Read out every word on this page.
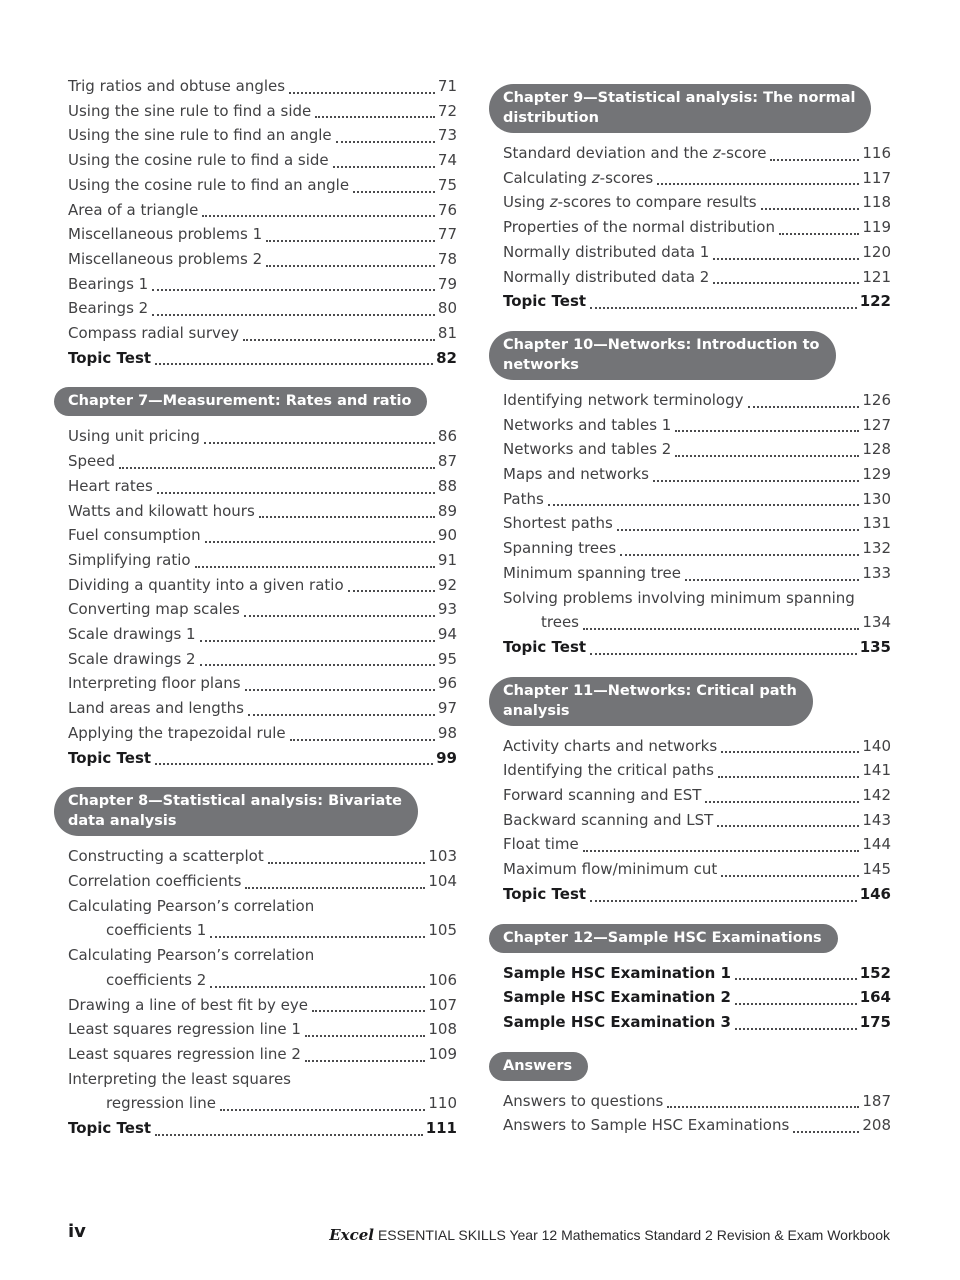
Trig ratios and obtuse angles	71
Using the sine rule to find a side	72
Using the sine rule to find an angle	73
Using the cosine rule to find a side	74
Using the cosine rule to find an angle	75
Area of a triangle	76
Miscellaneous problems 1	77
Miscellaneous problems 2	78
Bearings 1	79
Bearings 2	80
Compass radial survey	81
Topic Test	82
Chapter 7—Measurement: Rates and ratio
Using unit pricing	86
Speed	87
Heart rates	88
Watts and kilowatt hours	89
Fuel consumption	90
Simplifying ratio	91
Dividing a quantity into a given ratio	92
Converting map scales	93
Scale drawings 1	94
Scale drawings 2	95
Interpreting floor plans	96
Land areas and lengths	97
Applying the trapezoidal rule	98
Topic Test	99
Chapter 8—Statistical analysis: Bivariate
data analysis
Constructing a scatterplot	103
Correlation coefficients	104
Calculating Pearson’s correlation
coefficients 1	105
Calculating Pearson’s correlation
coefficients 2	106
Drawing a line of best fit by eye	107
Least squares regression line 1	108
Least squares regression line 2	109
Interpreting the least squares
regression line	110
Topic Test	111
Chapter 9—Statistical analysis: The normal
distribution
Standard deviation and the z-score	116
Calculating z-scores	117
Using z-scores to compare results	118
Properties of the normal distribution	119
Normally distributed data 1	120
Normally distributed data 2	121
Topic Test	122
Chapter 10—Networks: Introduction to
networks
Identifying network terminology	126
Networks and tables 1	127
Networks and tables 2	128
Maps and networks	129
Paths	130
Shortest paths	131
Spanning trees	132
Minimum spanning tree	133
Solving problems involving minimum spanning
trees	134
Topic Test	135
Chapter 11—Networks: Critical path
analysis
Activity charts and networks	140
Identifying the critical paths	141
Forward scanning and EST	142
Backward scanning and LST	143
Float time	144
Maximum flow/minimum cut	145
Topic Test	146
Chapter 12—Sample HSC Examinations
Sample HSC Examination 1	152
Sample HSC Examination 2	164
Sample HSC Examination 3	175
Answers
Answers to questions	187
Answers to Sample HSC Examinations	208
iv	Excel ESSENTIAL SKILLS Year 12 Mathematics Standard 2 Revision & Exam Workbook
